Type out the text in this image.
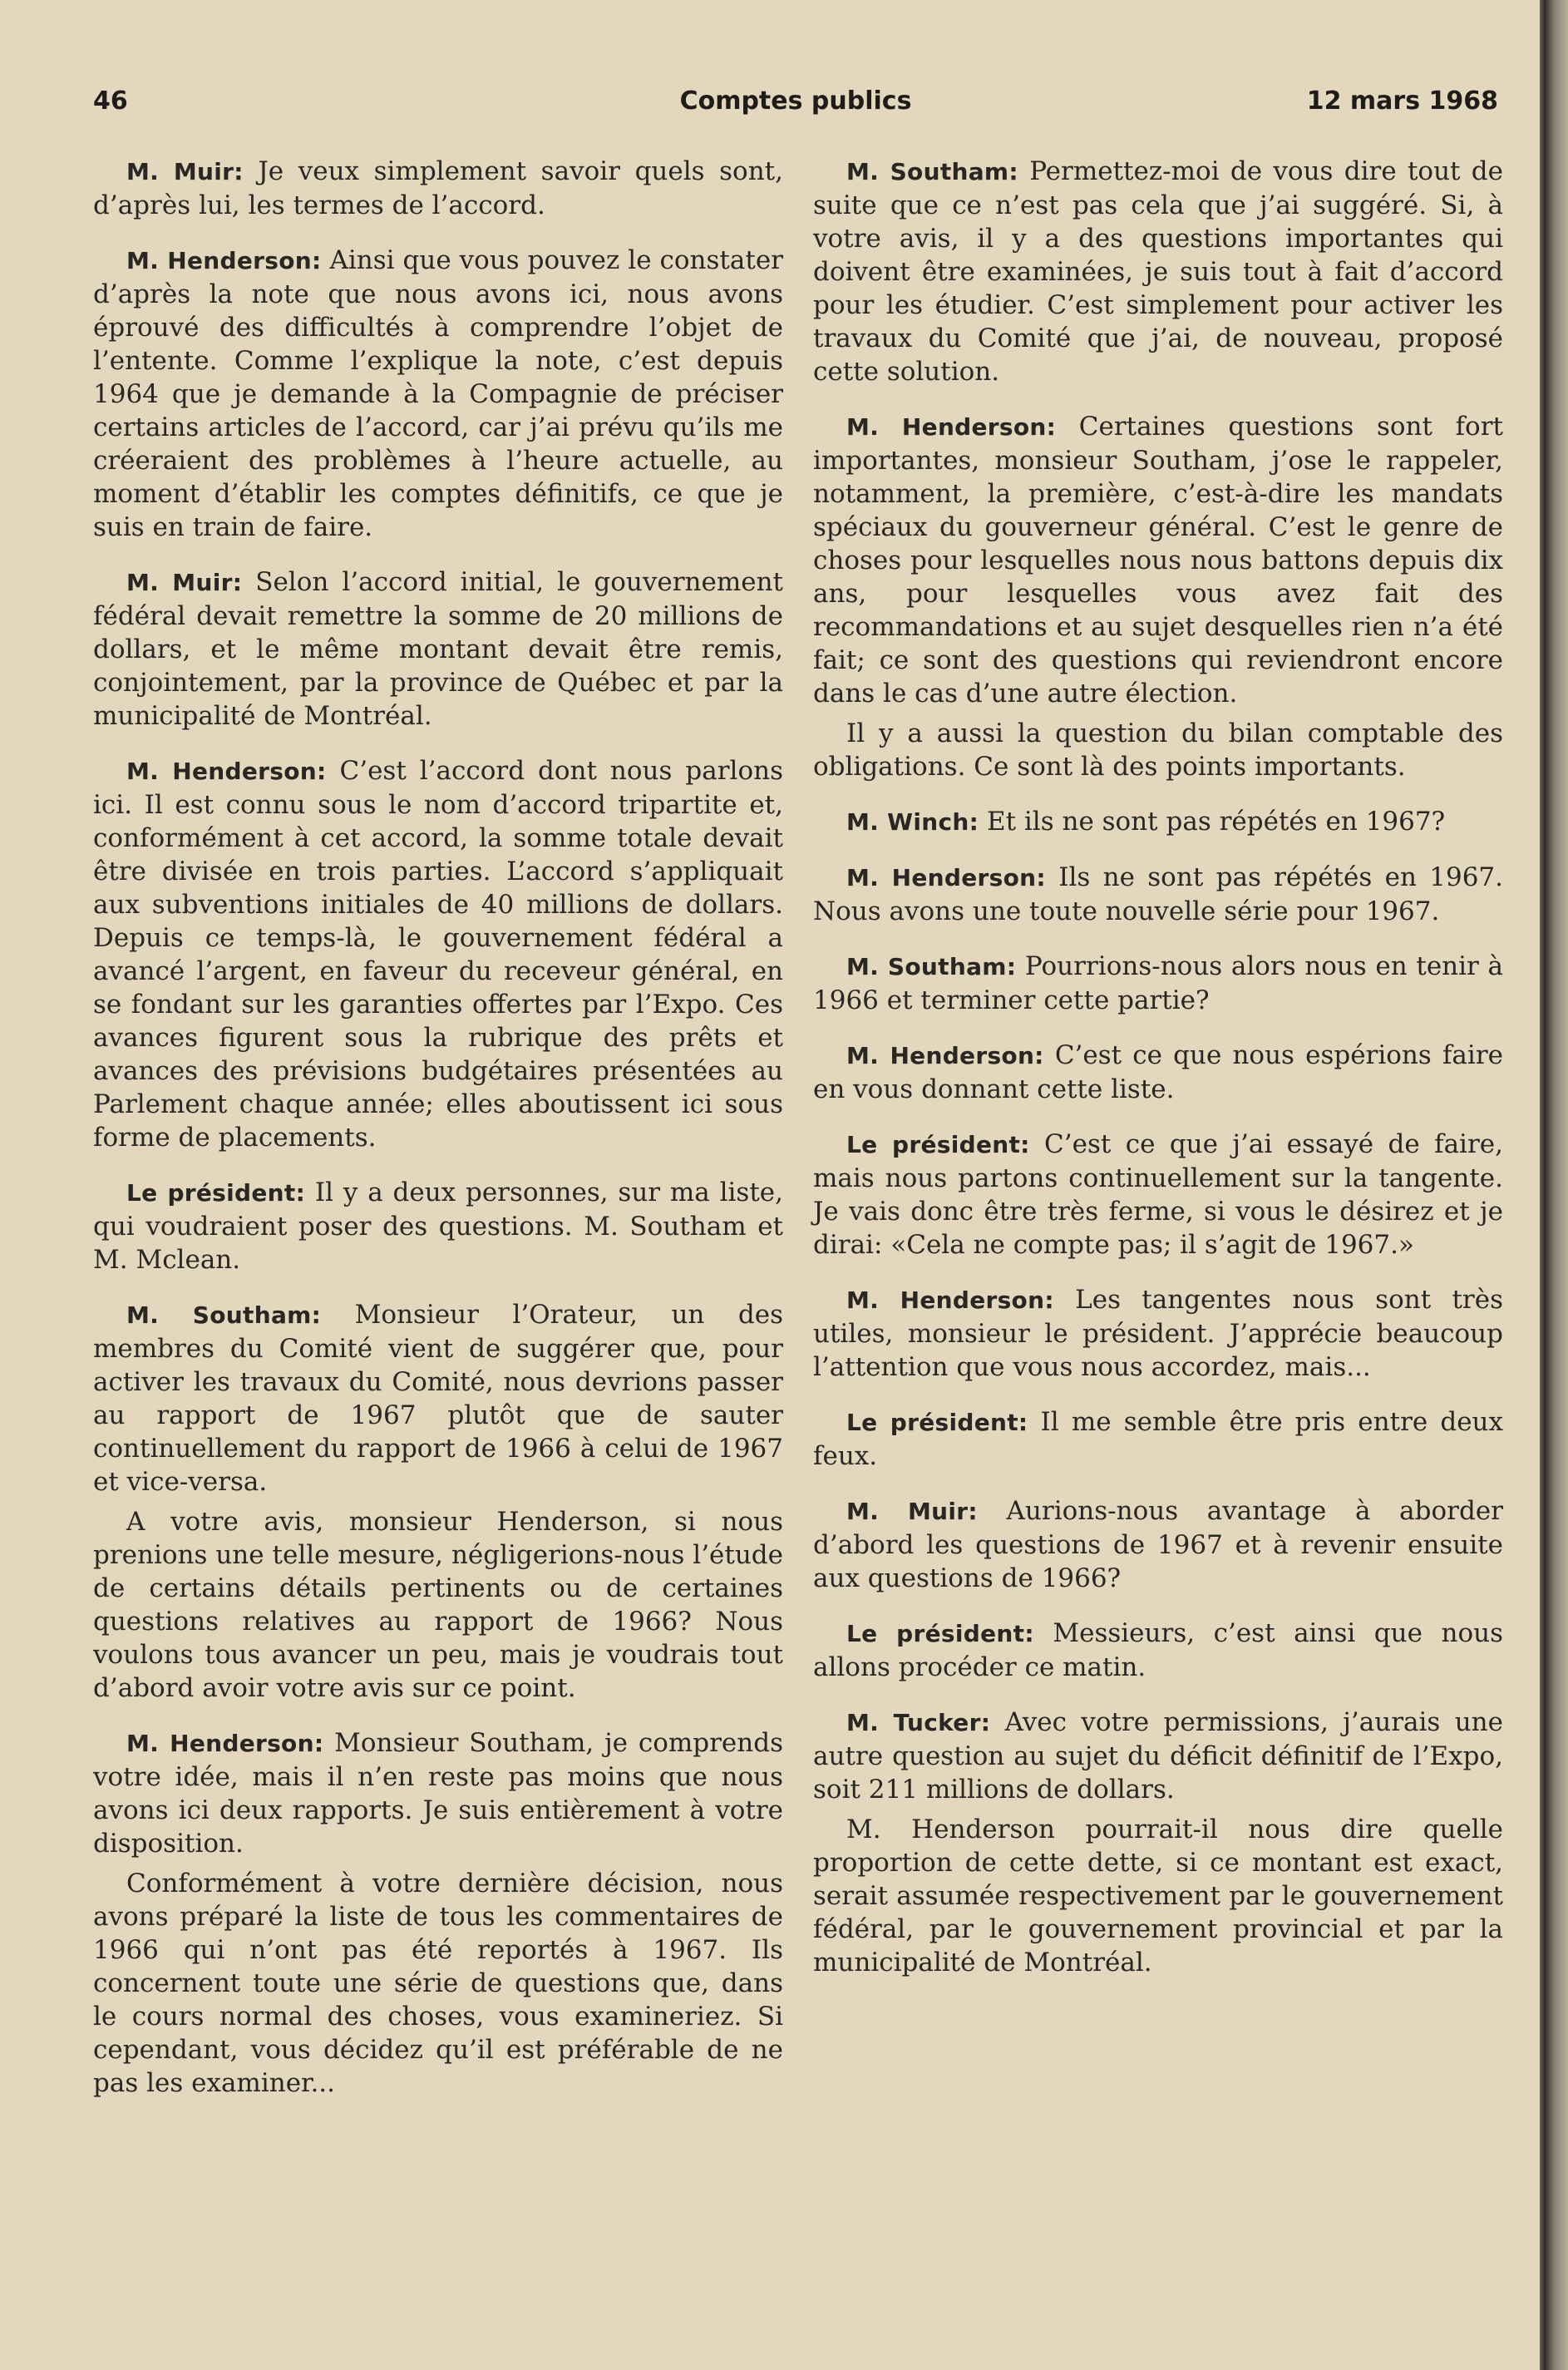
46	Comptes publics	12 mars 1968

M. Muir: Je veux simplement savoir quels sont, d’après lui, les termes de l’accord.

M. Henderson: Ainsi que vous pouvez le constater d’après la note que nous avons ici, nous avons éprouvé des difficultés à comprendre l’objet de l’entente. Comme l’explique la note, c’est depuis 1964 que je demande à la Compagnie de préciser certains articles de l’accord, car j’ai prévu qu’ils me créeraient des problèmes à l’heure actuelle, au moment d’établir les comptes définitifs, ce que je suis en train de faire.

M. Muir: Selon l’accord initial, le gouvernement fédéral devait remettre la somme de 20 millions de dollars, et le même montant devait être remis, conjointement, par la province de Québec et par la municipalité de Montréal.

M. Henderson: C’est l’accord dont nous parlons ici. Il est connu sous le nom d’accord tripartite et, conformément à cet accord, la somme totale devait être divisée en trois parties. L’accord s’appliquait aux subventions initiales de 40 millions de dollars. Depuis ce temps-là, le gouvernement fédéral a avancé l’argent, en faveur du receveur général, en se fondant sur les garanties offertes par l’Expo. Ces avances figurent sous la rubrique des prêts et avances des prévisions budgétaires présentées au Parlement chaque année; elles aboutissent ici sous forme de placements.

Le président: Il y a deux personnes, sur ma liste, qui voudraient poser des questions. M. Southam et M. Mclean.

M. Southam: Monsieur l’Orateur, un des membres du Comité vient de suggérer que, pour activer les travaux du Comité, nous devrions passer au rapport de 1967 plutôt que de sauter continuellement du rapport de 1966 à celui de 1967 et vice-versa.

A votre avis, monsieur Henderson, si nous prenions une telle mesure, négligerions-nous l’étude de certains détails pertinents ou de certaines questions relatives au rapport de 1966? Nous voulons tous avancer un peu, mais je voudrais tout d’abord avoir votre avis sur ce point.

M. Henderson: Monsieur Southam, je comprends votre idée, mais il n’en reste pas moins que nous avons ici deux rapports. Je suis entièrement à votre disposition.

Conformément à votre dernière décision, nous avons préparé la liste de tous les commentaires de 1966 qui n’ont pas été reportés à 1967. Ils concernent toute une série de questions que, dans le cours normal des choses, vous examineriez. Si cependant, vous décidez qu’il est préférable de ne pas les examiner...

M. Southam: Permettez-moi de vous dire tout de suite que ce n’est pas cela que j’ai suggéré. Si, à votre avis, il y a des questions importantes qui doivent être examinées, je suis tout à fait d’accord pour les étudier. C’est simplement pour activer les travaux du Comité que j’ai, de nouveau, proposé cette solution.

M. Henderson: Certaines questions sont fort importantes, monsieur Southam, j’ose le rappeler, notamment, la première, c’est-à-dire les mandats spéciaux du gouverneur général. C’est le genre de choses pour lesquelles nous nous battons depuis dix ans, pour lesquelles vous avez fait des recommandations et au sujet desquelles rien n’a été fait; ce sont des questions qui reviendront encore dans le cas d’une autre élection.

Il y a aussi la question du bilan comptable des obligations. Ce sont là des points importants.

M. Winch: Et ils ne sont pas répétés en 1967?

M. Henderson: Ils ne sont pas répétés en 1967. Nous avons une toute nouvelle série pour 1967.

M. Southam: Pourrions-nous alors nous en tenir à 1966 et terminer cette partie?

M. Henderson: C’est ce que nous espérions faire en vous donnant cette liste.

Le président: C’est ce que j’ai essayé de faire, mais nous partons continuellement sur la tangente. Je vais donc être très ferme, si vous le désirez et je dirai: «Cela ne compte pas; il s’agit de 1967.»

M. Henderson: Les tangentes nous sont très utiles, monsieur le président. J’apprécie beaucoup l’attention que vous nous accordez, mais...

Le président: Il me semble être pris entre deux feux.

M. Muir: Aurions-nous avantage à aborder d’abord les questions de 1967 et à revenir ensuite aux questions de 1966?

Le président: Messieurs, c’est ainsi que nous allons procéder ce matin.

M. Tucker: Avec votre permissions, j’aurais une autre question au sujet du déficit définitif de l’Expo, soit 211 millions de dollars.

M. Henderson pourrait-il nous dire quelle proportion de cette dette, si ce montant est exact, serait assumée respectivement par le gouvernement fédéral, par le gouvernement provincial et par la municipalité de Montréal.
